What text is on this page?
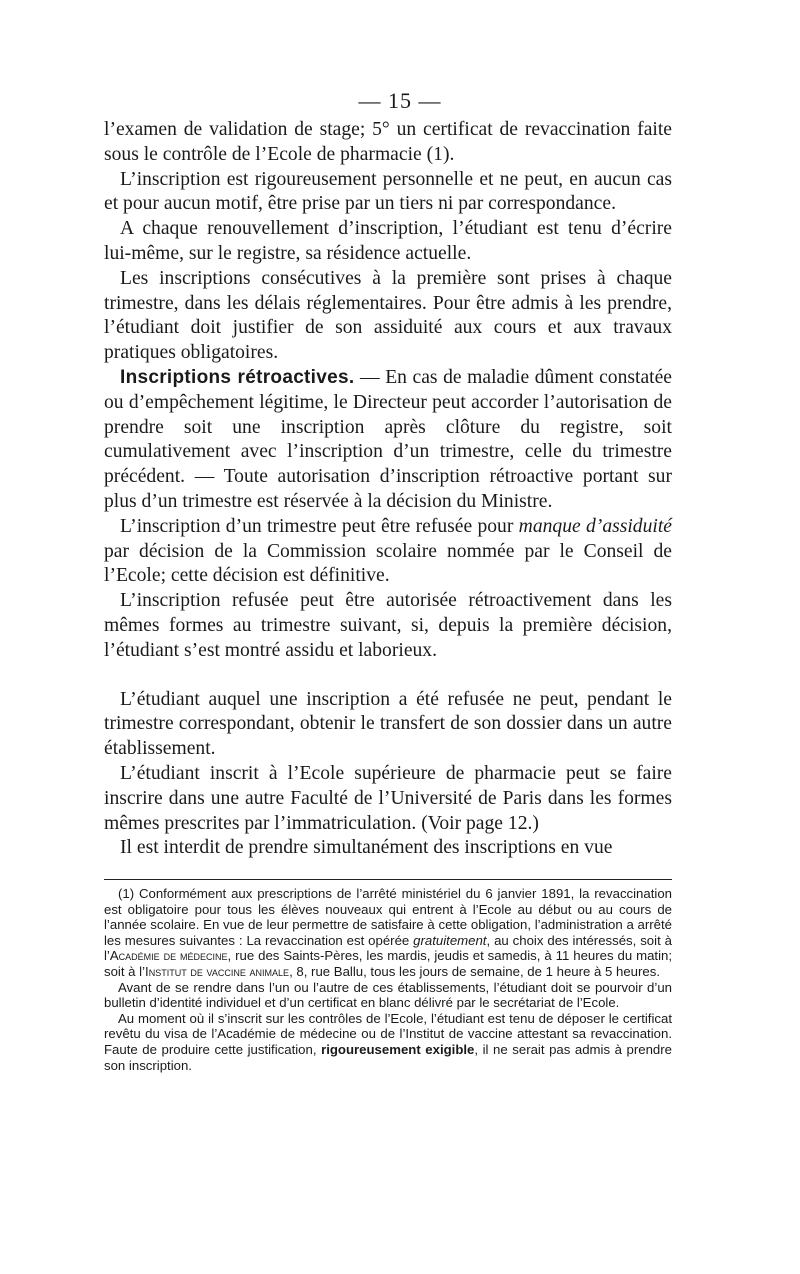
— 15 —

l’examen de validation de stage; 5° un certificat de revaccination faite sous le contrôle de l’Ecole de pharmacie (1).

L’inscription est rigoureusement personnelle et ne peut, en aucun cas et pour aucun motif, être prise par un tiers ni par correspondance.

A chaque renouvellement d’inscription, l’étudiant est tenu d’écrire lui-même, sur le registre, sa résidence actuelle.

Les inscriptions consécutives à la première sont prises à chaque trimestre, dans les délais réglementaires. Pour être admis à les prendre, l’étudiant doit justifier de son assiduité aux cours et aux travaux pratiques obligatoires.

Inscriptions rétroactives. — En cas de maladie dûment constatée ou d’empêchement légitime, le Directeur peut accorder l’autorisation de prendre soit une inscription après clôture du registre, soit cumulativement avec l’inscription d’un trimestre, celle du trimestre précédent. — Toute autorisation d’inscription rétroactive portant sur plus d’un trimestre est réservée à la décision du Ministre.

L’inscription d’un trimestre peut être refusée pour manque d’assiduité par décision de la Commission scolaire nommée par le Conseil de l’Ecole; cette décision est définitive.

L’inscription refusée peut être autorisée rétroactivement dans les mêmes formes au trimestre suivant, si, depuis la première décision, l’étudiant s’est montré assidu et laborieux.

L’étudiant auquel une inscription a été refusée ne peut, pendant le trimestre correspondant, obtenir le transfert de son dossier dans un autre établissement.

L’étudiant inscrit à l’Ecole supérieure de pharmacie peut se faire inscrire dans une autre Faculté de l’Université de Paris dans les formes mêmes prescrites par l’immatriculation. (Voir page 12.)

Il est interdit de prendre simultanément des inscriptions en vue

(1) Conformément aux prescriptions de l’arrêté ministériel du 6 janvier 1891, la revaccination est obligatoire pour tous les élèves nouveaux qui entrent à l’Ecole au début ou au cours de l’année scolaire. En vue de leur permettre de satisfaire à cette obligation, l’administration a arrêté les mesures suivantes : La revaccination est opérée gratuitement, au choix des intéressés, soit à l’Académie de médecine, rue des Saints-Pères, les mardis, jeudis et samedis, à 11 heures du matin; soit à l’Institut de vaccine animale, 8, rue Ballu, tous les jours de semaine, de 1 heure à 5 heures.

Avant de se rendre dans l’un ou l’autre de ces établissements, l’étudiant doit se pourvoir d’un bulletin d’identité individuel et d’un certificat en blanc délivré par le secrétariat de l’Ecole.

Au moment où il s’inscrit sur les contrôles de l’Ecole, l’étudiant est tenu de déposer le certificat revêtu du visa de l’Académie de médecine ou de l’Institut de vaccine attestant sa revaccination. Faute de produire cette justification, rigoureusement exigible, il ne serait pas admis à prendre son inscription.
